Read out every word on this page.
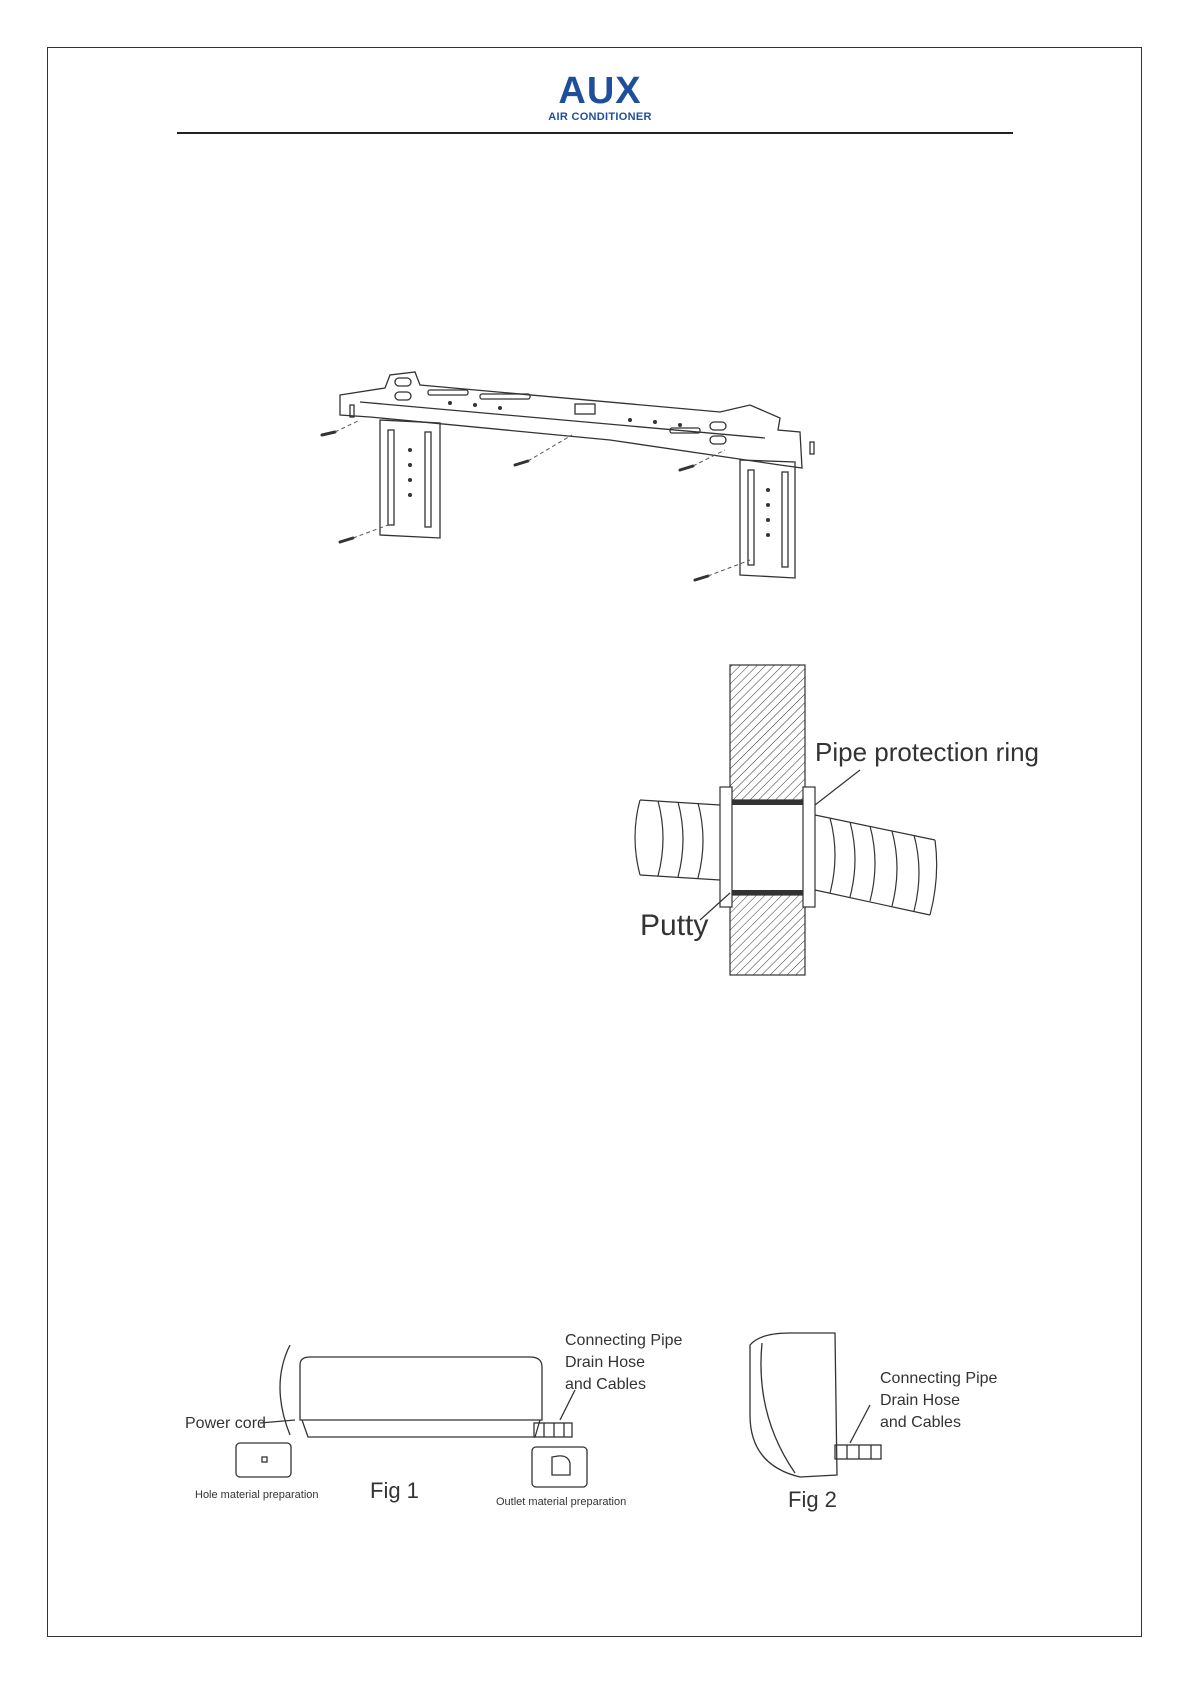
AUX
AIR CONDITIONER
Pipe protection ring
Putty
Power cord
Connecting Pipe
Drain Hose
and Cables
Hole material preparation Fig 1	Outlet material preparation
Connecting Pipe
Drain Hose
and Cables
Fig 2
